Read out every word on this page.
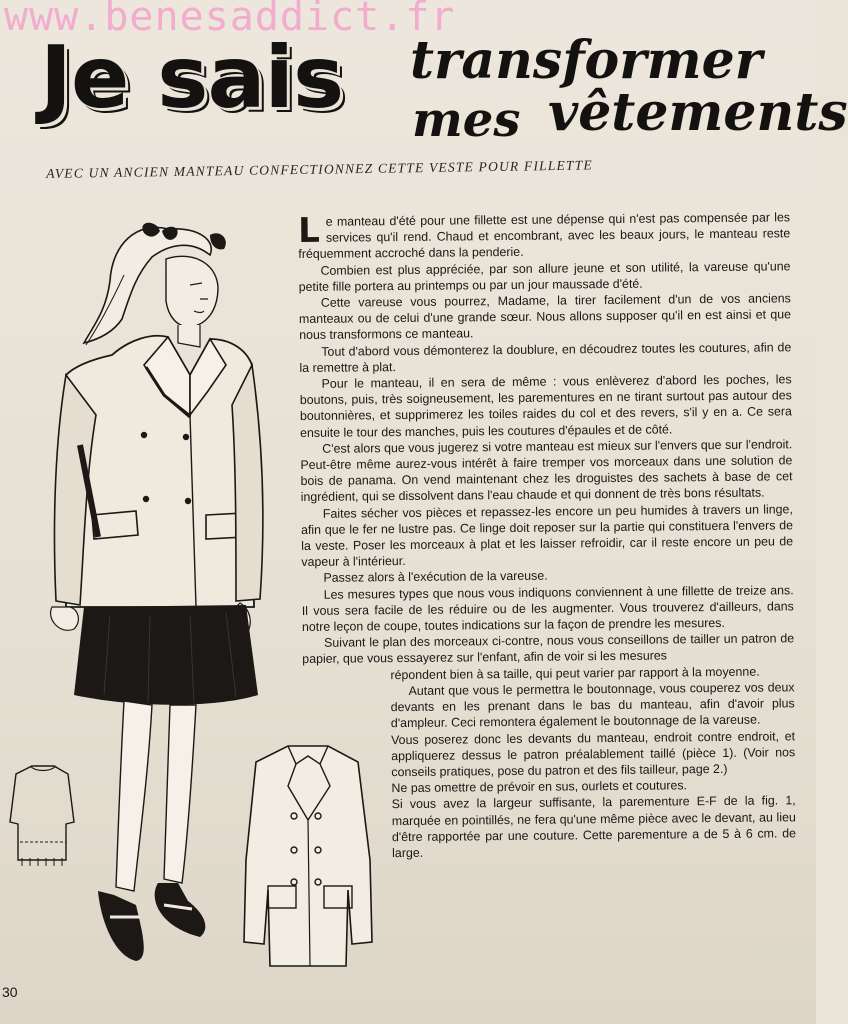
www.benesaddict.fr
Je sais transformer
mes vêtements
AVEC UN ANCIEN MANTEAU CONFECTIONNEZ CETTE VESTE POUR FILLETTE

Le manteau d'été pour une fillette est une dépense qui n'est pas compensée par les services qu'il rend. Chaud et encombrant, avec les beaux jours, le manteau reste fréquemment accroché dans la penderie.

Combien est plus appréciée, par son allure jeune et son utilité, la vareuse qu'une petite fille portera au printemps ou par un jour maussade d'été.

Cette vareuse vous pourrez, Madame, la tirer facilement d'un de vos anciens manteaux ou de celui d'une grande sœur. Nous allons supposer qu'il en est ainsi et que nous transformons ce manteau.

Tout d'abord vous démonterez la doublure, en découdrez toutes les coutures, afin de la remettre à plat.

Pour le manteau, il en sera de même : vous enlèverez d'abord les poches, les boutons, puis, très soigneusement, les parementures en ne tirant surtout pas autour des boutonnières, et supprimerez les toiles raides du col et des revers, s'il y en a. Ce sera ensuite le tour des manches, puis les coutures d'épaules et de côté.

C'est alors que vous jugerez si votre manteau est mieux sur l'envers que sur l'endroit. Peut-être même aurez-vous intérêt à faire tremper vos morceaux dans une solution de bois de panama. On vend maintenant chez les droguistes des sachets à base de cet ingrédient, qui se dissolvent dans l'eau chaude et qui donnent de très bons résultats.

Faites sécher vos pièces et repassez-les encore un peu humides à travers un linge, afin que le fer ne lustre pas. Ce linge doit reposer sur la partie qui constituera l'envers de la veste. Poser les morceaux à plat et les laisser refroidir, car il reste encore un peu de vapeur à l'intérieur.

Passez alors à l'exécution de la vareuse.

Les mesures types que nous vous indiquons conviennent à une fillette de treize ans. Il vous sera facile de les réduire ou de les augmenter. Vous trouverez d'ailleurs, dans notre leçon de coupe, toutes indications sur la façon de prendre les mesures.

Suivant le plan des morceaux ci-contre, nous vous conseillons de tailler un patron de papier, que vous essayerez sur l'enfant, afin de voir si les mesures

répondent bien à sa taille, qui peut varier par rapport à la moyenne.

Autant que vous le permettra le boutonnage, vous couperez vos deux devants en les prenant dans le bas du manteau, afin d'avoir plus d'ampleur. Ceci remontera également le boutonnage de la vareuse.

Vous poserez donc les devants du manteau, endroit contre endroit, et appliquerez dessus le patron préalablement taillé (pièce 1). (Voir nos conseils pratiques, pose du patron et des fils tailleur, page 2.)

Ne pas omettre de prévoir en sus, ourlets et coutures.

Si vous avez la largeur suffisante, la parementure E-F de la fig. 1, marquée en pointillés, ne fera qu'une même pièce avec le devant, au lieu d'être rapportée par une couture. Cette parementure a de 5 à 6 cm. de large.

30
